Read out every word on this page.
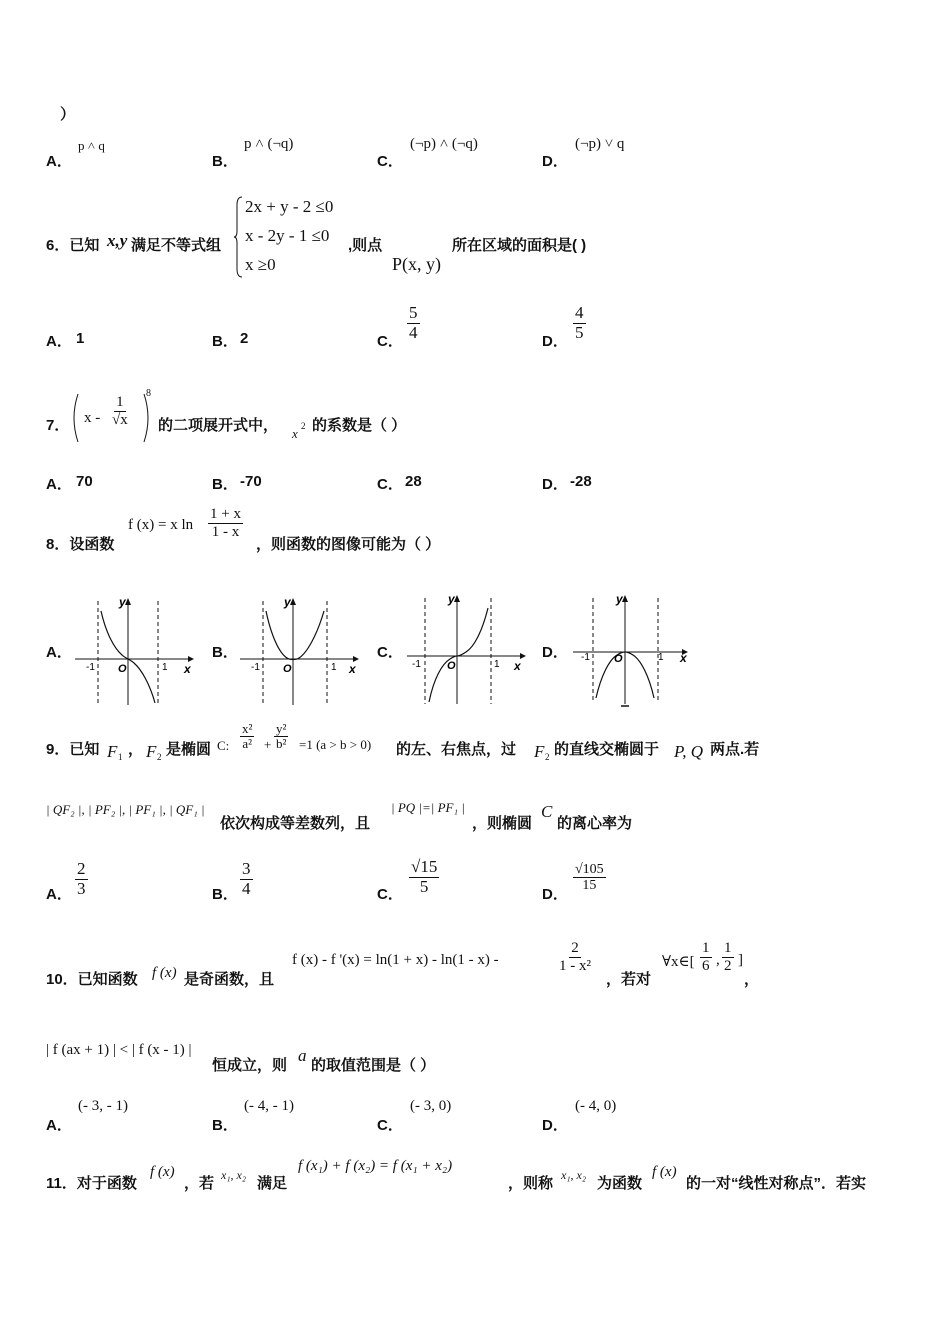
）
A．
p ˄ q
B．
p ˄ (¬q)
C．
(¬p) ˄ (¬q)
D．
(¬p) ˅ q
6．已知 x,y 满足不等式组
2x + y - 2 ≤0
x - 2y - 1 ≤0
x ≥0
,则点
P(x, y)
所在区域的面积是( )
A． 1	B． 2	C． $\frac{5}{4}$	D． $\frac{4}{5}$
7． x - $\frac{1}{√x}$
8
的二项展开式中， x 2 的系数是（ ）
A． 70	B． -70	C． 28	D． -28
8．设函数
f (x) = x $\ln \frac{1 + x}{1 - x}$
，则函数的图像可能为（ ）
A．	B．	C．	D．
y
x
O
-1	1
y
x
O
-1	1
y
x
O
-1	1
y
x
O
-1	1
9．已知 F 1 ， F 2 是椭圆 C: $\frac{\text{x²}}{\text{a²}} + \frac{\text{y²}}{\text{b²}} =1$ (a > b > 0) 的左、右焦点，过 F 2 的直线交椭圆于 P, Q 两点.若
| QF₂ |, | PF₂ |, | PF₁ |, | QF₁ |
依次构成等差数列，且
| PQ |=| PF₁ |
，则椭圆
C
的离心率为
A． $\frac{2}{3}$	B． $\frac{3}{4}$	C． $\frac{√15}{5}$	D．
$\frac{√105}{15}$
10．已知函数 f (x) 是奇函数，且
f (x) - f '(x) = ln(1 + x) - ln(1 - x) -	$\frac{2}{\text{1 - x²}}$
，若对
∀x∈[ $\frac{1}{6}$ , $\frac{1}{2}$ ]
，
| f (ax + 1) | < | f (x - 1) |
恒成立，则
a
的取值范围是（ ）
A．
(- 3, - 1)
B．
(- 4, - 1)
C．
(- 3, 0)
D．
(- 4, 0)
11．对于函数
f (x)
，若 x₁, x₂ 满足
f (x₁) + f (x₂) = f (x₁ + x₂)
，则称 x₁, x₂ 为函数
f (x)
的一对“线性对称点”．若实
